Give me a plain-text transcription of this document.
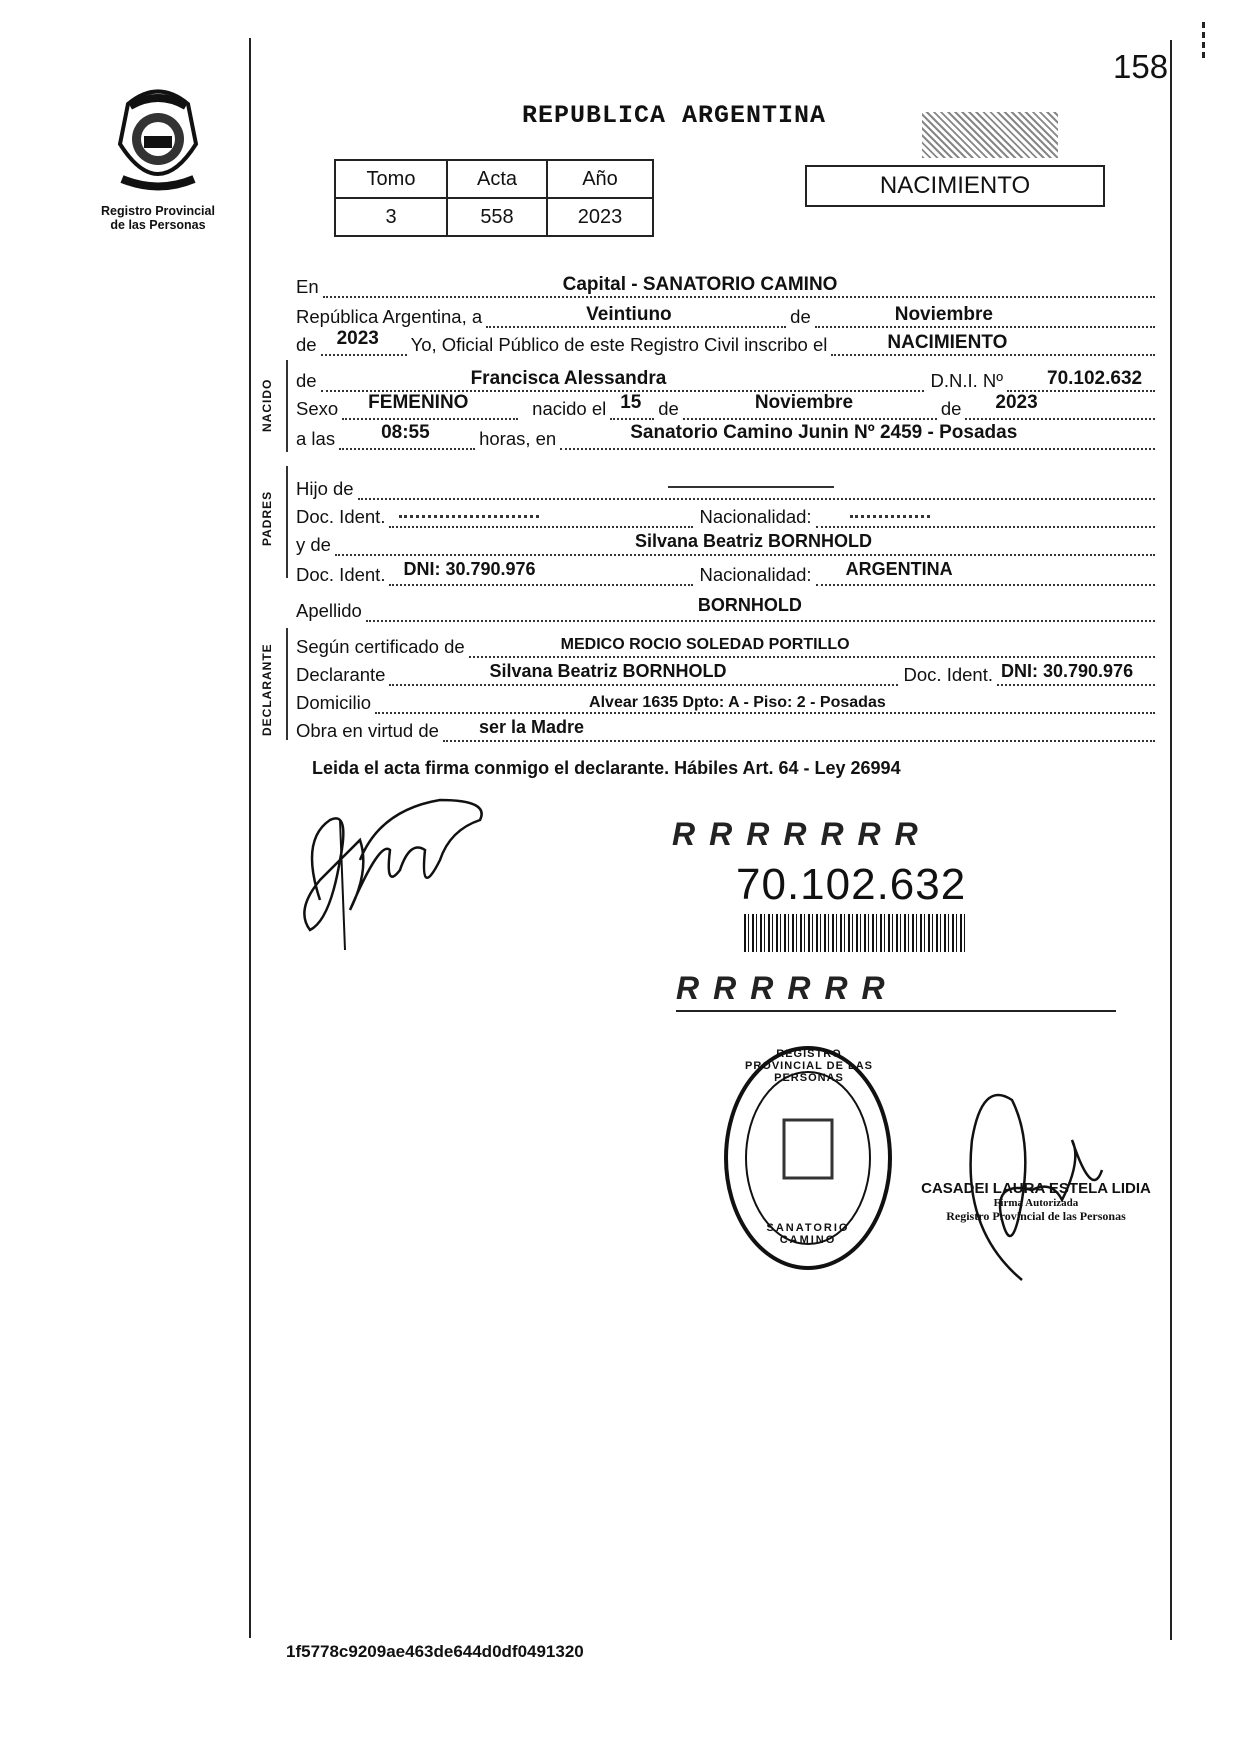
158
Registro Provincial
de las Personas
REPUBLICA ARGENTINA
Tomo	Acta	Año
3	558	2023
NACIMIENTO
NACIDO
PADRES
DECLARANTE
En	Capital - SANATORIO CAMINO
República Argentina, a	Veintiuno	de	Noviembre
de 2023 Yo, Oficial Público de este Registro Civil inscribo el	NACIMIENTO
de	Francisca Alessandra	D.N.I. Nº 70.102.632
Sexo FEMENINO	nacido el 15 de	Noviembre	de 2023
a las 08:55	horas, en	Sanatorio Camino Junin Nº 2459 - Posadas
Hijo de
Doc. Ident.	Nacionalidad:
y de	Silvana Beatriz BORNHOLD
Doc. Ident. DNI: 30.790.976	Nacionalidad: ARGENTINA
Apellido	BORNHOLD
Según certificado de	MEDICO ROCIO SOLEDAD PORTILLO
Declarante	Silvana Beatriz BORNHOLD	Doc. Ident. DNI: 30.790.976
Domicilio	Alvear 1635 Dpto: A - Piso: 2 - Posadas
Obra en virtud de ser la Madre
Leida el acta firma conmigo el declarante. Hábiles Art. 64 - Ley 26994
RRRRRRR
70.102.632
RRRRRR
REGISTRO PROVINCIAL DE LAS PERSONAS
SANATORIO CAMINO
CASADEI LAURA ESTELA LIDIA
Firma Autorizada
Registro Provincial de las Personas
1f5778c9209ae463de644d0df0491320
